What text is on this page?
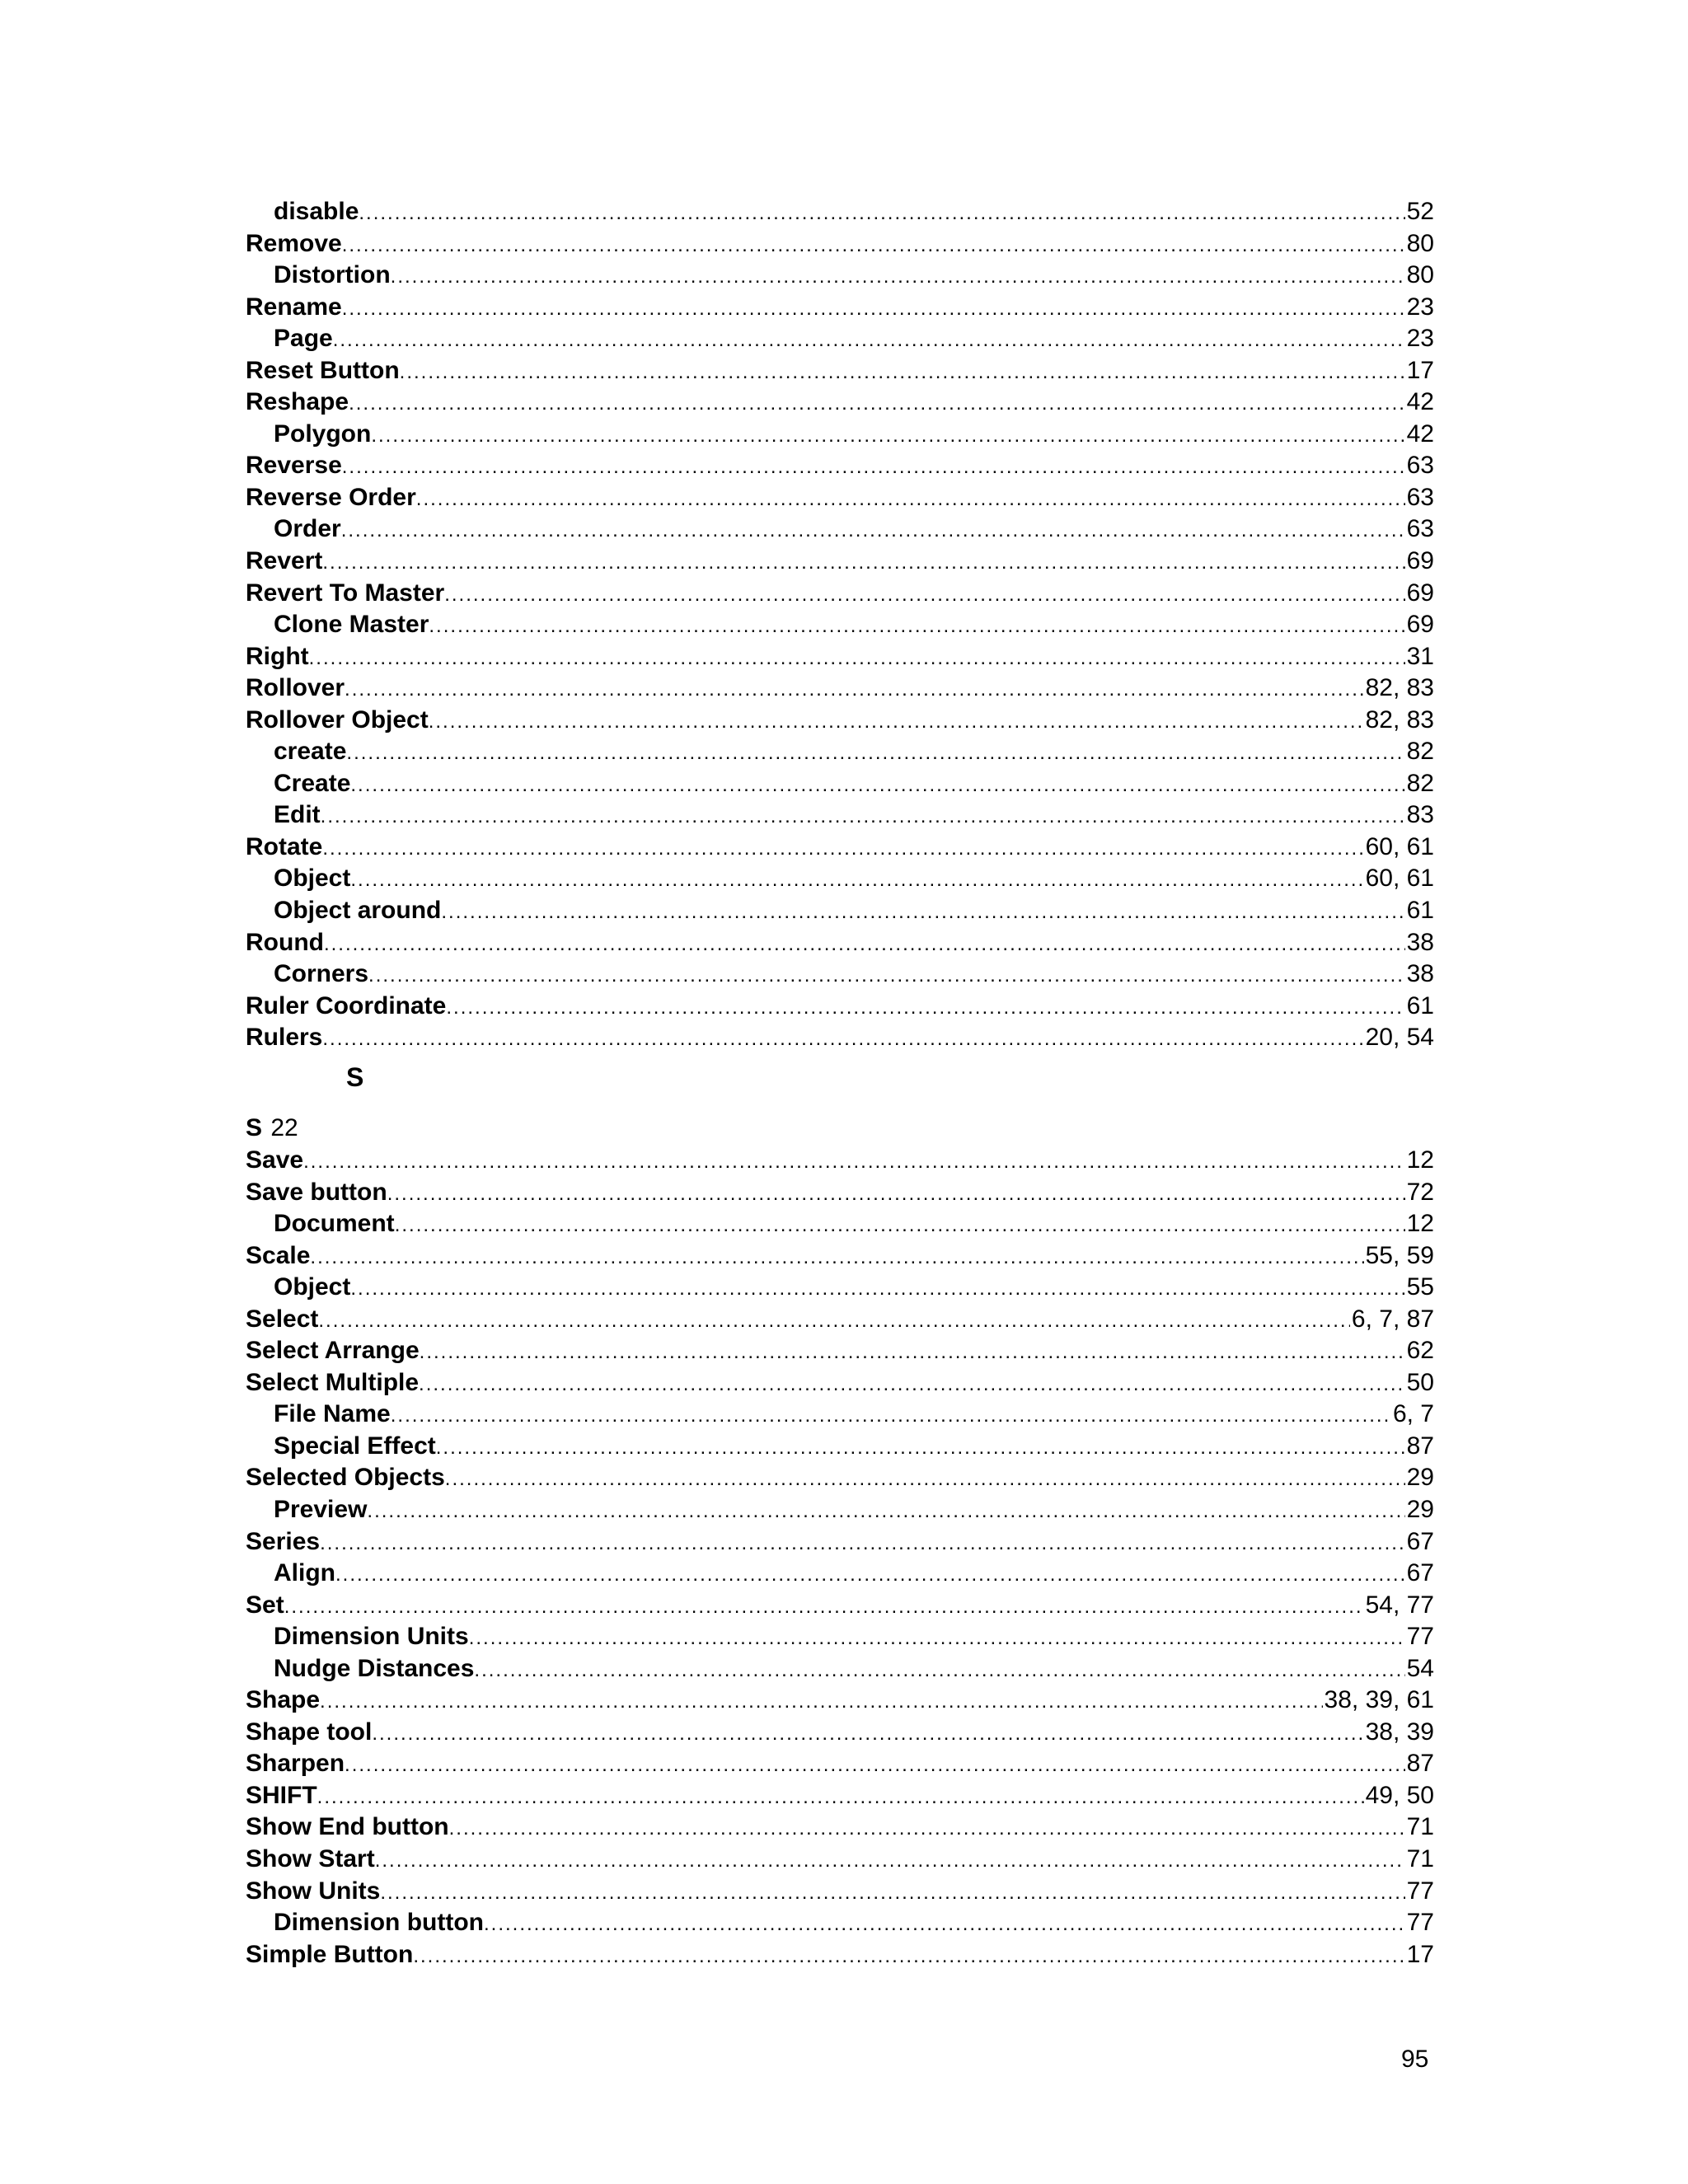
disable .....	52
Remove .....	80
Distortion .....	80
Rename .....	23
Page .....	23
Reset Button .....	17
Reshape .....	42
Polygon .....	42
Reverse .....	63
Reverse Order .....	63
Order .....	63
Revert .....	69
Revert To Master .....	69
Clone Master .....	69
Right .....	31
Rollover .....	82, 83
Rollover Object .....	82, 83
create .....	82
Create .....	82
Edit .....	83
Rotate .....	60, 61
Object .....	60, 61
Object around .....	61
Round .....	38
Corners .....	38
Ruler Coordinate .....	61
Rulers .....	20, 54
S
S 22
Save .....	12
Save button .....	72
Document .....	12
Scale .....	55, 59
Object .....	55
Select .....	6, 7, 87
Select Arrange .....	62
Select Multiple .....	50
File Name .....	6, 7
Special Effect .....	87
Selected Objects .....	29
Preview .....	29
Series .....	67
Align .....	67
Set .....	54, 77
Dimension Units .....	77
Nudge Distances .....	54
Shape .....	38, 39, 61
Shape tool .....	38, 39
Sharpen .....	87
SHIFT .....	49, 50
Show End button .....	71
Show Start .....	71
Show Units .....	77
Dimension button .....	77
Simple Button .....	17
95
